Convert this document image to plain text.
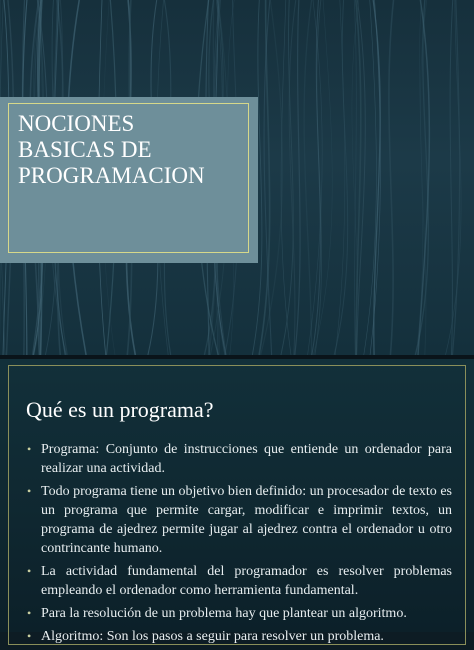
NOCIONES
BASICAS DE
PROGRAMACION
Qué es un programa?
• Programa: Conjunto de instrucciones que entiende un ordenador para realizar una actividad.
• Todo programa tiene un objetivo bien definido: un procesador de texto es un programa que permite cargar, modificar e imprimir textos, un programa de ajedrez permite jugar al ajedrez contra el ordenador u otro contrincante humano.
• La actividad fundamental del programador es resolver problemas empleando el ordenador como herramienta fundamental.
• Para la resolución de un problema hay que plantear un algoritmo.
• Algoritmo: Son los pasos a seguir para resolver un problema.
